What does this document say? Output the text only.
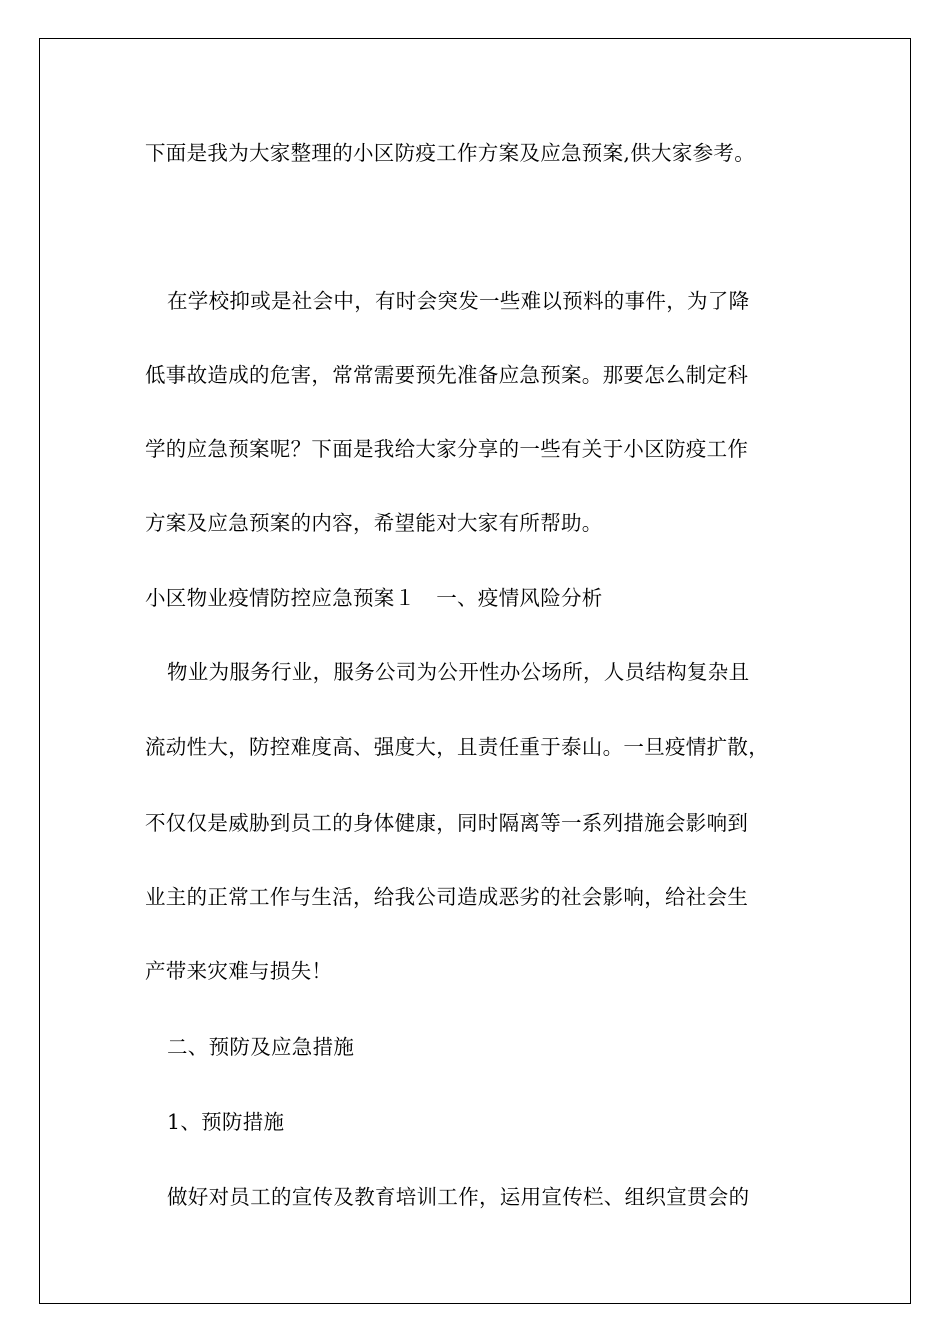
下面是我为大家整理的小区防疫工作方案及应急预案,供大家参考。
在学校抑或是社会中，有时会突发一些难以预料的事件，为了降
低事故造成的危害，常常需要预先准备应急预案。那要怎么制定科
学的应急预案呢？下面是我给大家分享的一些有关于小区防疫工作
方案及应急预案的内容，希望能对大家有所帮助。
小区物业疫情防控应急预案１　一、疫情风险分析
物业为服务行业，服务公司为公开性办公场所，人员结构复杂且
流动性大，防控难度高、强度大，且责任重于泰山。一旦疫情扩散，
不仅仅是威胁到员工的身体健康，同时隔离等一系列措施会影响到
业主的正常工作与生活，给我公司造成恶劣的社会影响，给社会生
产带来灾难与损失！
二、预防及应急措施
1、预防措施
做好对员工的宣传及教育培训工作，运用宣传栏、组织宣贯会的
